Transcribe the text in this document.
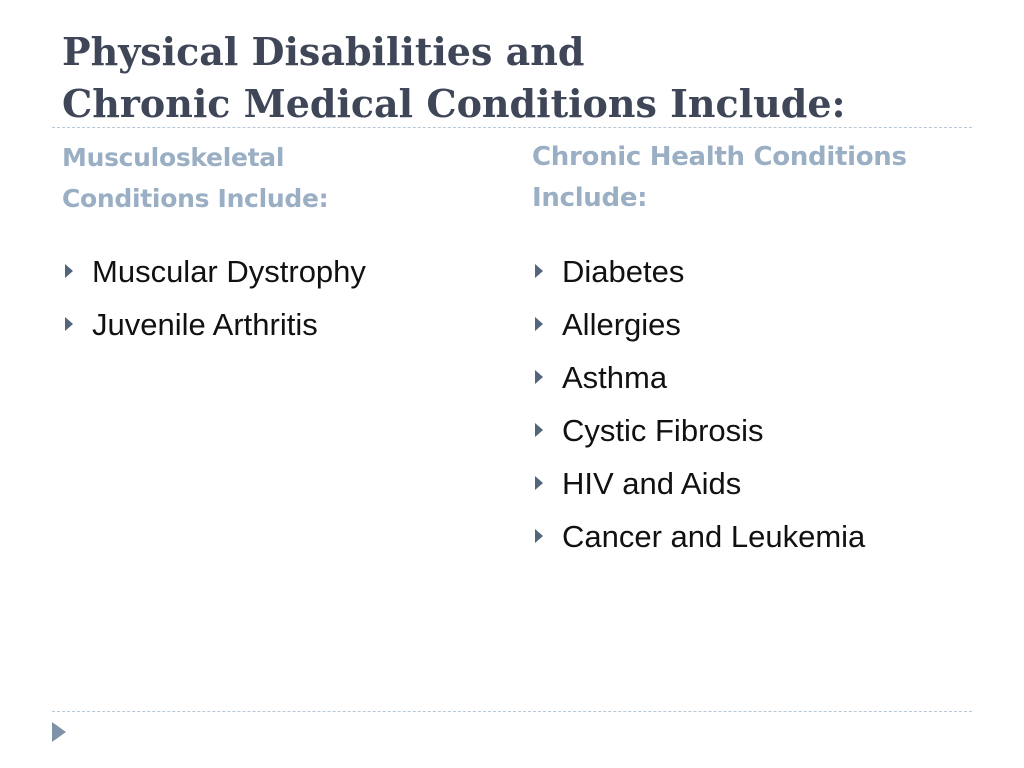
Physical Disabilities and
Chronic Medical Conditions Include:
Musculoskeletal
Conditions Include:
Muscular Dystrophy
Juvenile Arthritis
Chronic Health Conditions
Include:
Diabetes
Allergies
Asthma
Cystic Fibrosis
HIV and Aids
Cancer and Leukemia
